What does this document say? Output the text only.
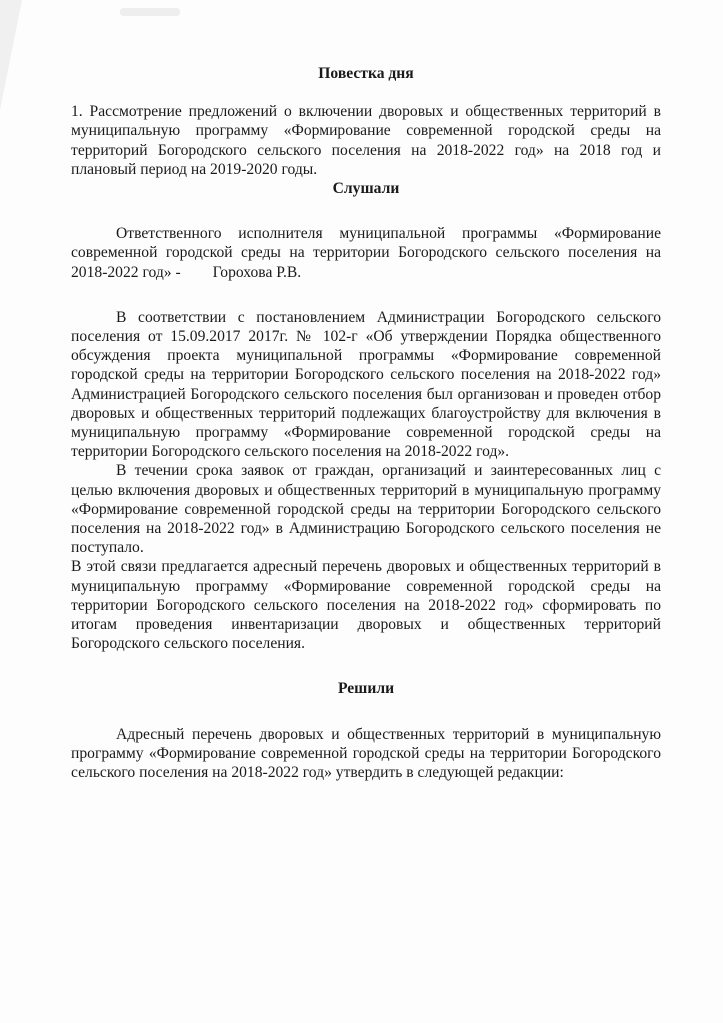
Повестка дня

1. Рассмотрение предложений о включении дворовых и общественных территорий в муниципальную программу «Формирование современной городской среды на территорий Богородского сельского поселения на 2018-2022 год» на 2018 год и плановый период на 2019-2020 годы.

Слушали

Ответственного исполнителя муниципальной программы «Формирование современной городской среды на территории Богородского сельского поселения на 2018-2022 год» - Горохова Р.В.

В соответствии с постановлением Администрации Богородского сельского поселения от 15.09.2017 2017г. № 102-г «Об утверждении Порядка общественного обсуждения проекта муниципальной программы «Формирование современной городской среды на территории Богородского сельского поселения на 2018-2022 год» Администрацией Богородского сельского поселения был организован и проведен отбор дворовых и общественных территорий подлежащих благоустройству для включения в муниципальную программу «Формирование современной городской среды на территории Богородского сельского поселения на 2018-2022 год».

В течении срока заявок от граждан, организаций и заинтересованных лиц с целью включения дворовых и общественных территорий в муниципальную программу «Формирование современной городской среды на территории Богородского сельского поселения на 2018-2022 год» в Администрацию Богородского сельского поселения не поступало.

В этой связи предлагается адресный перечень дворовых и общественных территорий в муниципальную программу «Формирование современной городской среды на территории Богородского сельского поселения на 2018-2022 год» сформировать по итогам проведения инвентаризации дворовых и общественных территорий Богородского сельского поселения.

Решили

Адресный перечень дворовых и общественных территорий в муниципальную программу «Формирование современной городской среды на территории Богородского сельского поселения на 2018-2022 год» утвердить в следующей редакции:
